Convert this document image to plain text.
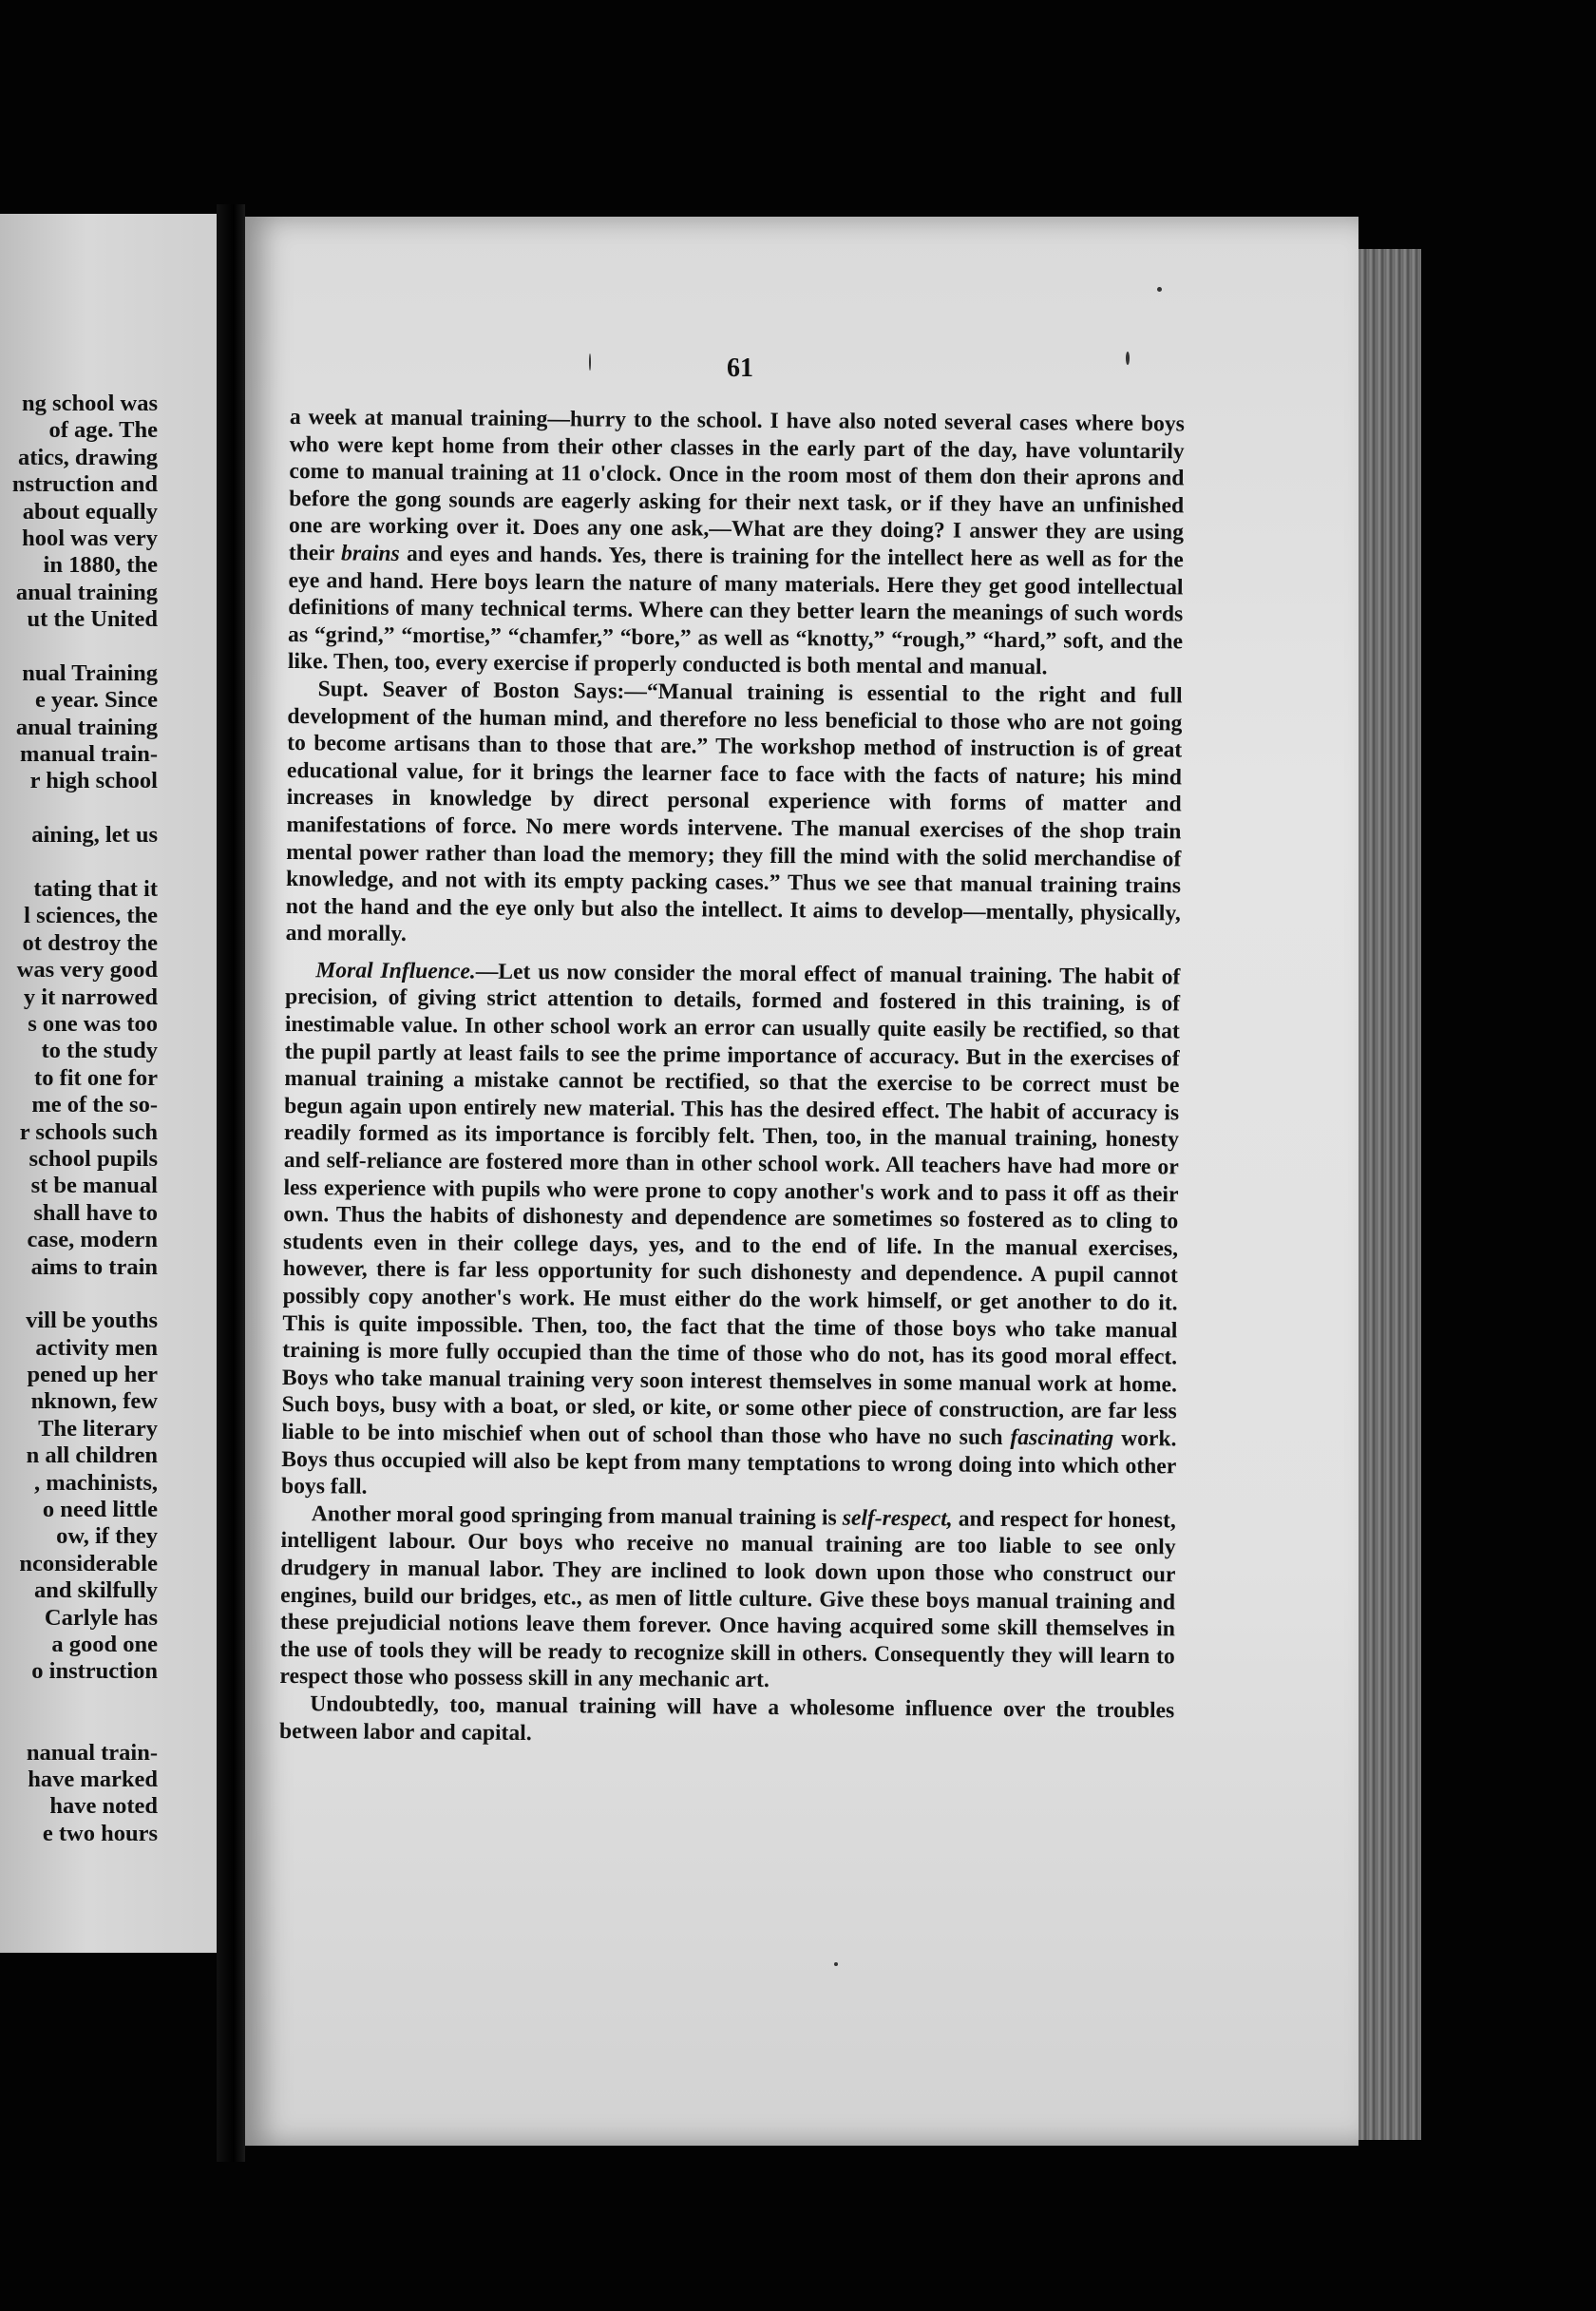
ng school was
of age. The
atics, drawing
nstruction and
about equally
hool was very
in 1880, the
anual training
ut the United
nual Training
e year. Since
anual training
manual train-
r high school
aining, let us
tating that it
l sciences, the
ot destroy the
was very good
y it narrowed
s one was too
to the study
to fit one for
me of the so-
r schools such
school pupils
st be manual
shall have to
case, modern
aims to train
vill be youths
activity men
pened up her
nknown, few
The literary
n all children
, machinists,
o need little
ow, if they
nconsiderable
and skilfully
Carlyle has
a good one
o instruction
nanual train-
have marked
have noted
e two hours
61

a week at manual training—hurry to the school. I have also noted several cases where boys who were kept home from their other classes in the early part of the day, have voluntarily come to manual training at 11 o'clock. Once in the room most of them don their aprons and before the gong sounds are eagerly asking for their next task, or if they have an unfinished one are working over it. Does any one ask,—What are they doing? I answer they are using their brains and eyes and hands. Yes, there is training for the intellect here as well as for the eye and hand. Here boys learn the nature of many materials. Here they get good intellectual definitions of many technical terms. Where can they better learn the meanings of such words as “grind,” “mortise,” “chamfer,” “bore,” as well as “knotty,” “rough,” “hard,” soft, and the like. Then, too, every exercise if properly conducted is both mental and manual.

Supt. Seaver of Boston Says:—“Manual training is essential to the right and full development of the human mind, and therefore no less beneficial to those who are not going to become artisans than to those that are.” The workshop method of instruction is of great educational value, for it brings the learner face to face with the facts of nature; his mind increases in knowledge by direct personal experience with forms of matter and manifestations of force. No mere words intervene. The manual exercises of the shop train mental power rather than load the memory; they fill the mind with the solid merchandise of knowledge, and not with its empty packing cases.” Thus we see that manual training trains not the hand and the eye only but also the intellect. It aims to develop—mentally, physically, and morally.

Moral Influence.—Let us now consider the moral effect of manual training. The habit of precision, of giving strict attention to details, formed and fostered in this training, is of inestimable value. In other school work an error can usually quite easily be rectified, so that the pupil partly at least fails to see the prime importance of accuracy. But in the exercises of manual training a mistake cannot be rectified, so that the exercise to be correct must be begun again upon entirely new material. This has the desired effect. The habit of accuracy is readily formed as its importance is forcibly felt. Then, too, in the manual training, honesty and self-reliance are fostered more than in other school work. All teachers have had more or less experience with pupils who were prone to copy another's work and to pass it off as their own. Thus the habits of dishonesty and dependence are sometimes so fostered as to cling to students even in their college days, yes, and to the end of life. In the manual exercises, however, there is far less opportunity for such dishonesty and dependence. A pupil cannot possibly copy another's work. He must either do the work himself, or get another to do it. This is quite impossible. Then, too, the fact that the time of those boys who take manual training is more fully occupied than the time of those who do not, has its good moral effect. Boys who take manual training very soon interest themselves in some manual work at home. Such boys, busy with a boat, or sled, or kite, or some other piece of construction, are far less liable to be into mischief when out of school than those who have no such fascinating work. Boys thus occupied will also be kept from many temptations to wrong doing into which other boys fall.

Another moral good springing from manual training is self-respect, and respect for honest, intelligent labour. Our boys who receive no manual training are too liable to see only drudgery in manual labor. They are inclined to look down upon those who construct our engines, build our bridges, etc., as men of little culture. Give these boys manual training and these prejudicial notions leave them forever. Once having acquired some skill themselves in the use of tools they will be ready to recognize skill in others. Consequently they will learn to respect those who possess skill in any mechanic art.

Undoubtedly, too, manual training will have a wholesome influence over the troubles between labor and capital.
